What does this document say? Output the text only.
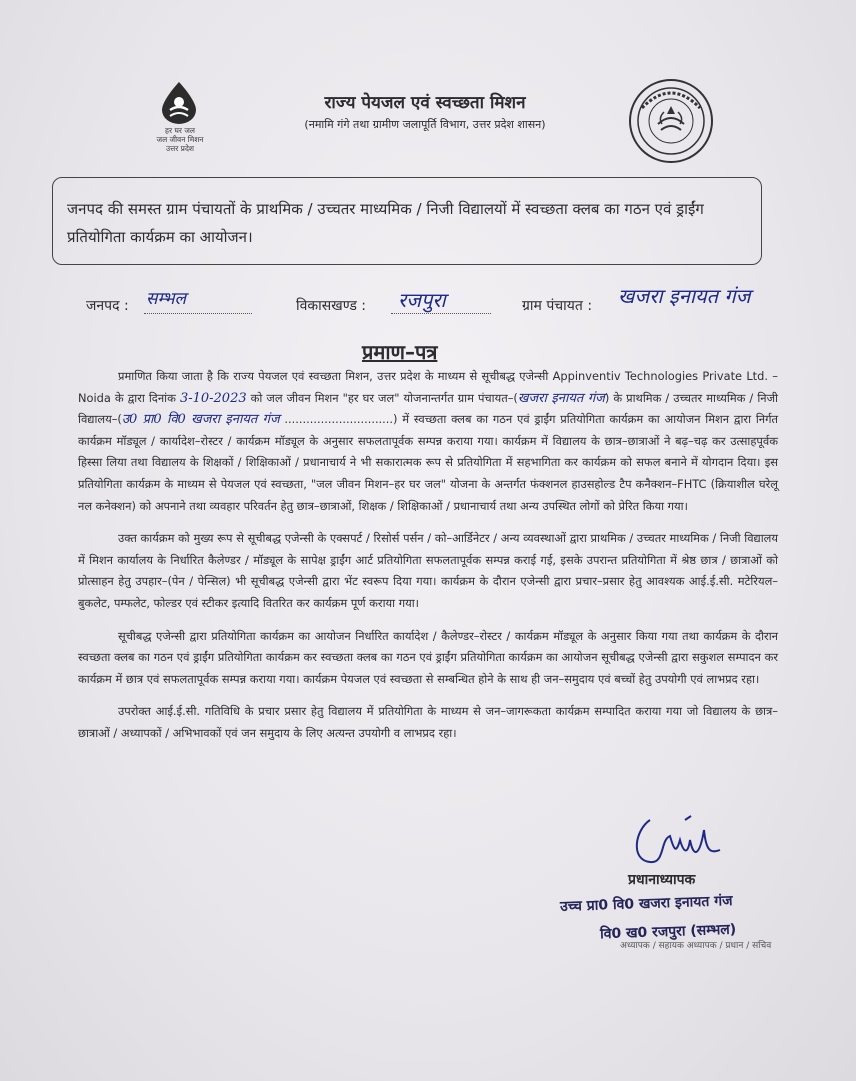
हर घर जल
जल जीवन मिशन
उत्तर प्रदेश
राज्य पेयजल एवं स्वच्छता मिशन
(नमामि गंगे तथा ग्रामीण जलापूर्ति विभाग, उत्तर प्रदेश शासन)
जनपद की समस्त ग्राम पंचायतों के प्राथमिक / उच्चतर माध्यमिक / निजी विद्यालयों में स्वच्छता क्लब का गठन एवं ड्राईंग प्रतियोगिता कार्यक्रम का आयोजन।
जनपद : सम्भल	विकासखण्ड : रजपुरा	ग्राम पंचायत : खजरा इनायत गंज
प्रमाण–पत्र

प्रमाणित किया जाता है कि राज्य पेयजल एवं स्वच्छता मिशन, उत्तर प्रदेश के माध्यम से सूचीबद्ध एजेन्सी Appinventiv Technologies Private Ltd. – Noida के द्वारा दिनांक 3-10-2023 को जल जीवन मिशन "हर घर जल" योजनान्तर्गत ग्राम पंचायत–(खजरा इनायत गंज) के प्राथमिक / उच्चतर माध्यमिक / निजी विद्यालय–(उ0 प्रा0 वि0 खजरा इनायत गंज ..............................) में स्वच्छता क्लब का गठन एवं ड्राईंग प्रतियोगिता कार्यक्रम का आयोजन मिशन द्वारा निर्गत कार्यक्रम मॉड्यूल / कार्यादेश–रोस्टर / कार्यक्रम मॉड्यूल के अनुसार सफलतापूर्वक सम्पन्न कराया गया। कार्यक्रम में विद्यालय के छात्र–छात्राओं ने बढ़–चढ़ कर उत्साहपूर्वक हिस्सा लिया तथा विद्यालय के शिक्षकों / शिक्षिकाओं / प्रधानाचार्य ने भी सकारात्मक रूप से प्रतियोगिता में सहभागिता कर कार्यक्रम को सफल बनाने में योगदान दिया। इस प्रतियोगिता कार्यक्रम के माध्यम से पेयजल एवं स्वच्छता, "जल जीवन मिशन–हर घर जल" योजना के अन्तर्गत फंक्शनल हाउसहोल्ड टैप कनैक्शन–FHTC (क्रियाशील घरेलू नल कनेक्शन) को अपनाने तथा व्यवहार परिवर्तन हेतु छात्र–छात्राओं, शिक्षक / शिक्षिकाओं / प्रधानाचार्य तथा अन्य उपस्थित लोगों को प्रेरित किया गया।

उक्त कार्यक्रम को मुख्य रूप से सूचीबद्ध एजेन्सी के एक्सपर्ट / रिसोर्स पर्सन / को–आर्डिनेटर / अन्य व्यवस्थाओं द्वारा प्राथमिक / उच्चतर माध्यमिक / निजी विद्यालय में मिशन कार्यालय के निर्धारित कैलेण्डर / मॉड्यूल के सापेक्ष ड्राईंग आर्ट प्रतियोगिता सफलतापूर्वक सम्पन्न कराई गई, इसके उपरान्त प्रतियोगिता में श्रेष्ठ छात्र / छात्राओं को प्रोत्साहन हेतु उपहार–(पेन / पेन्सिल) भी सूचीबद्ध एजेन्सी द्वारा भेंट स्वरूप दिया गया। कार्यक्रम के दौरान एजेन्सी द्वारा प्रचार–प्रसार हेतु आवश्यक आई.ई.सी. मटेरियल–बुकलेट, पम्फलेट, फोल्डर एवं स्टीकर इत्यादि वितरित कर कार्यक्रम पूर्ण कराया गया।

सूचीबद्ध एजेन्सी द्वारा प्रतियोगिता कार्यक्रम का आयोजन निर्धारित कार्यादेश / कैलेण्डर–रोस्टर / कार्यक्रम मॉड्यूल के अनुसार किया गया तथा कार्यक्रम के दौरान स्वच्छता क्लब का गठन एवं ड्राईंग प्रतियोगिता कार्यक्रम कर स्वच्छता क्लब का गठन एवं ड्राईंग प्रतियोगिता कार्यक्रम का आयोजन सूचीबद्ध एजेन्सी द्वारा सकुशल सम्पादन कर कार्यक्रम में छात्र एवं सफलतापूर्वक सम्पन्न कराया गया। कार्यक्रम पेयजल एवं स्वच्छता से सम्बन्धित होने के साथ ही जन–समुदाय एवं बच्चों हेतु उपयोगी एवं लाभप्रद रहा।

उपरोक्त आई.ई.सी. गतिविधि के प्रचार प्रसार हेतु विद्यालय में प्रतियोगिता के माध्यम से जन–जागरूकता कार्यक्रम सम्पादित कराया गया जो विद्यालय के छात्र–छात्राओं / अध्यापकों / अभिभावकों एवं जन समुदाय के लिए अत्यन्त उपयोगी व लाभप्रद रहा।

प्रधानाध्यापक
उच्च प्रा0 वि0 खजरा इनायत गंज
अध्यापक / सहायक अध्यापक / प्रधान / सचिव
वि0 ख0 रजपुरा (सम्भल)
